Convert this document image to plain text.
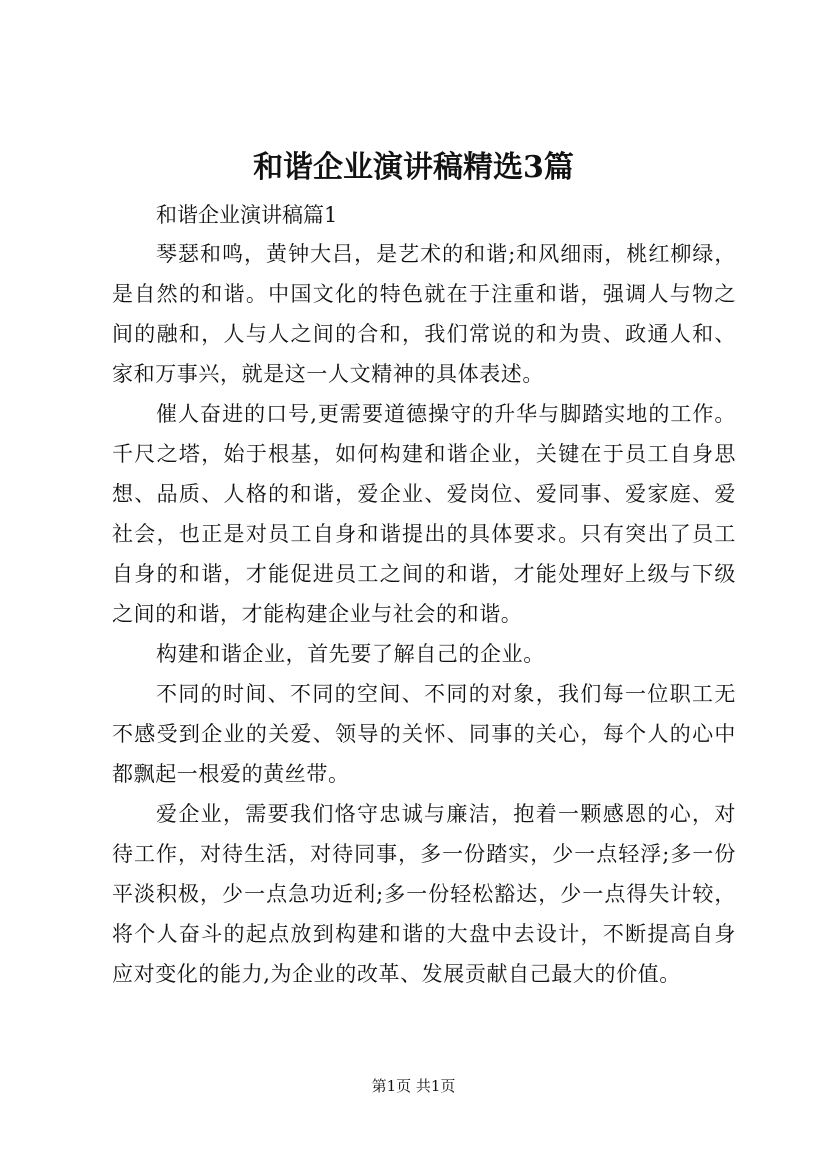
和谐企业演讲稿精选3篇

和谐企业演讲稿篇1

琴瑟和鸣，黄钟大吕，是艺术的和谐;和风细雨，桃红柳绿，是自然的和谐。中国文化的特色就在于注重和谐，强调人与物之间的融和，人与人之间的合和，我们常说的和为贵、政通人和、家和万事兴，就是这一人文精神的具体表述。

催人奋进的口号,更需要道德操守的升华与脚踏实地的工作。千尺之塔，始于根基，如何构建和谐企业，关键在于员工自身思想、品质、人格的和谐，爱企业、爱岗位、爱同事、爱家庭、爱社会，也正是对员工自身和谐提出的具体要求。只有突出了员工自身的和谐，才能促进员工之间的和谐，才能处理好上级与下级之间的和谐，才能构建企业与社会的和谐。

构建和谐企业，首先要了解自己的企业。

不同的时间、不同的空间、不同的对象，我们每一位职工无不感受到企业的关爱、领导的关怀、同事的关心，每个人的心中都飘起一根爱的黄丝带。

爱企业，需要我们恪守忠诚与廉洁，抱着一颗感恩的心，对待工作，对待生活，对待同事，多一份踏实，少一点轻浮;多一份平淡积极，少一点急功近利;多一份轻松豁达，少一点得失计较，将个人奋斗的起点放到构建和谐的大盘中去设计，不断提高自身应对变化的能力,为企业的改革、发展贡献自己最大的价值。

第1页 共1页
